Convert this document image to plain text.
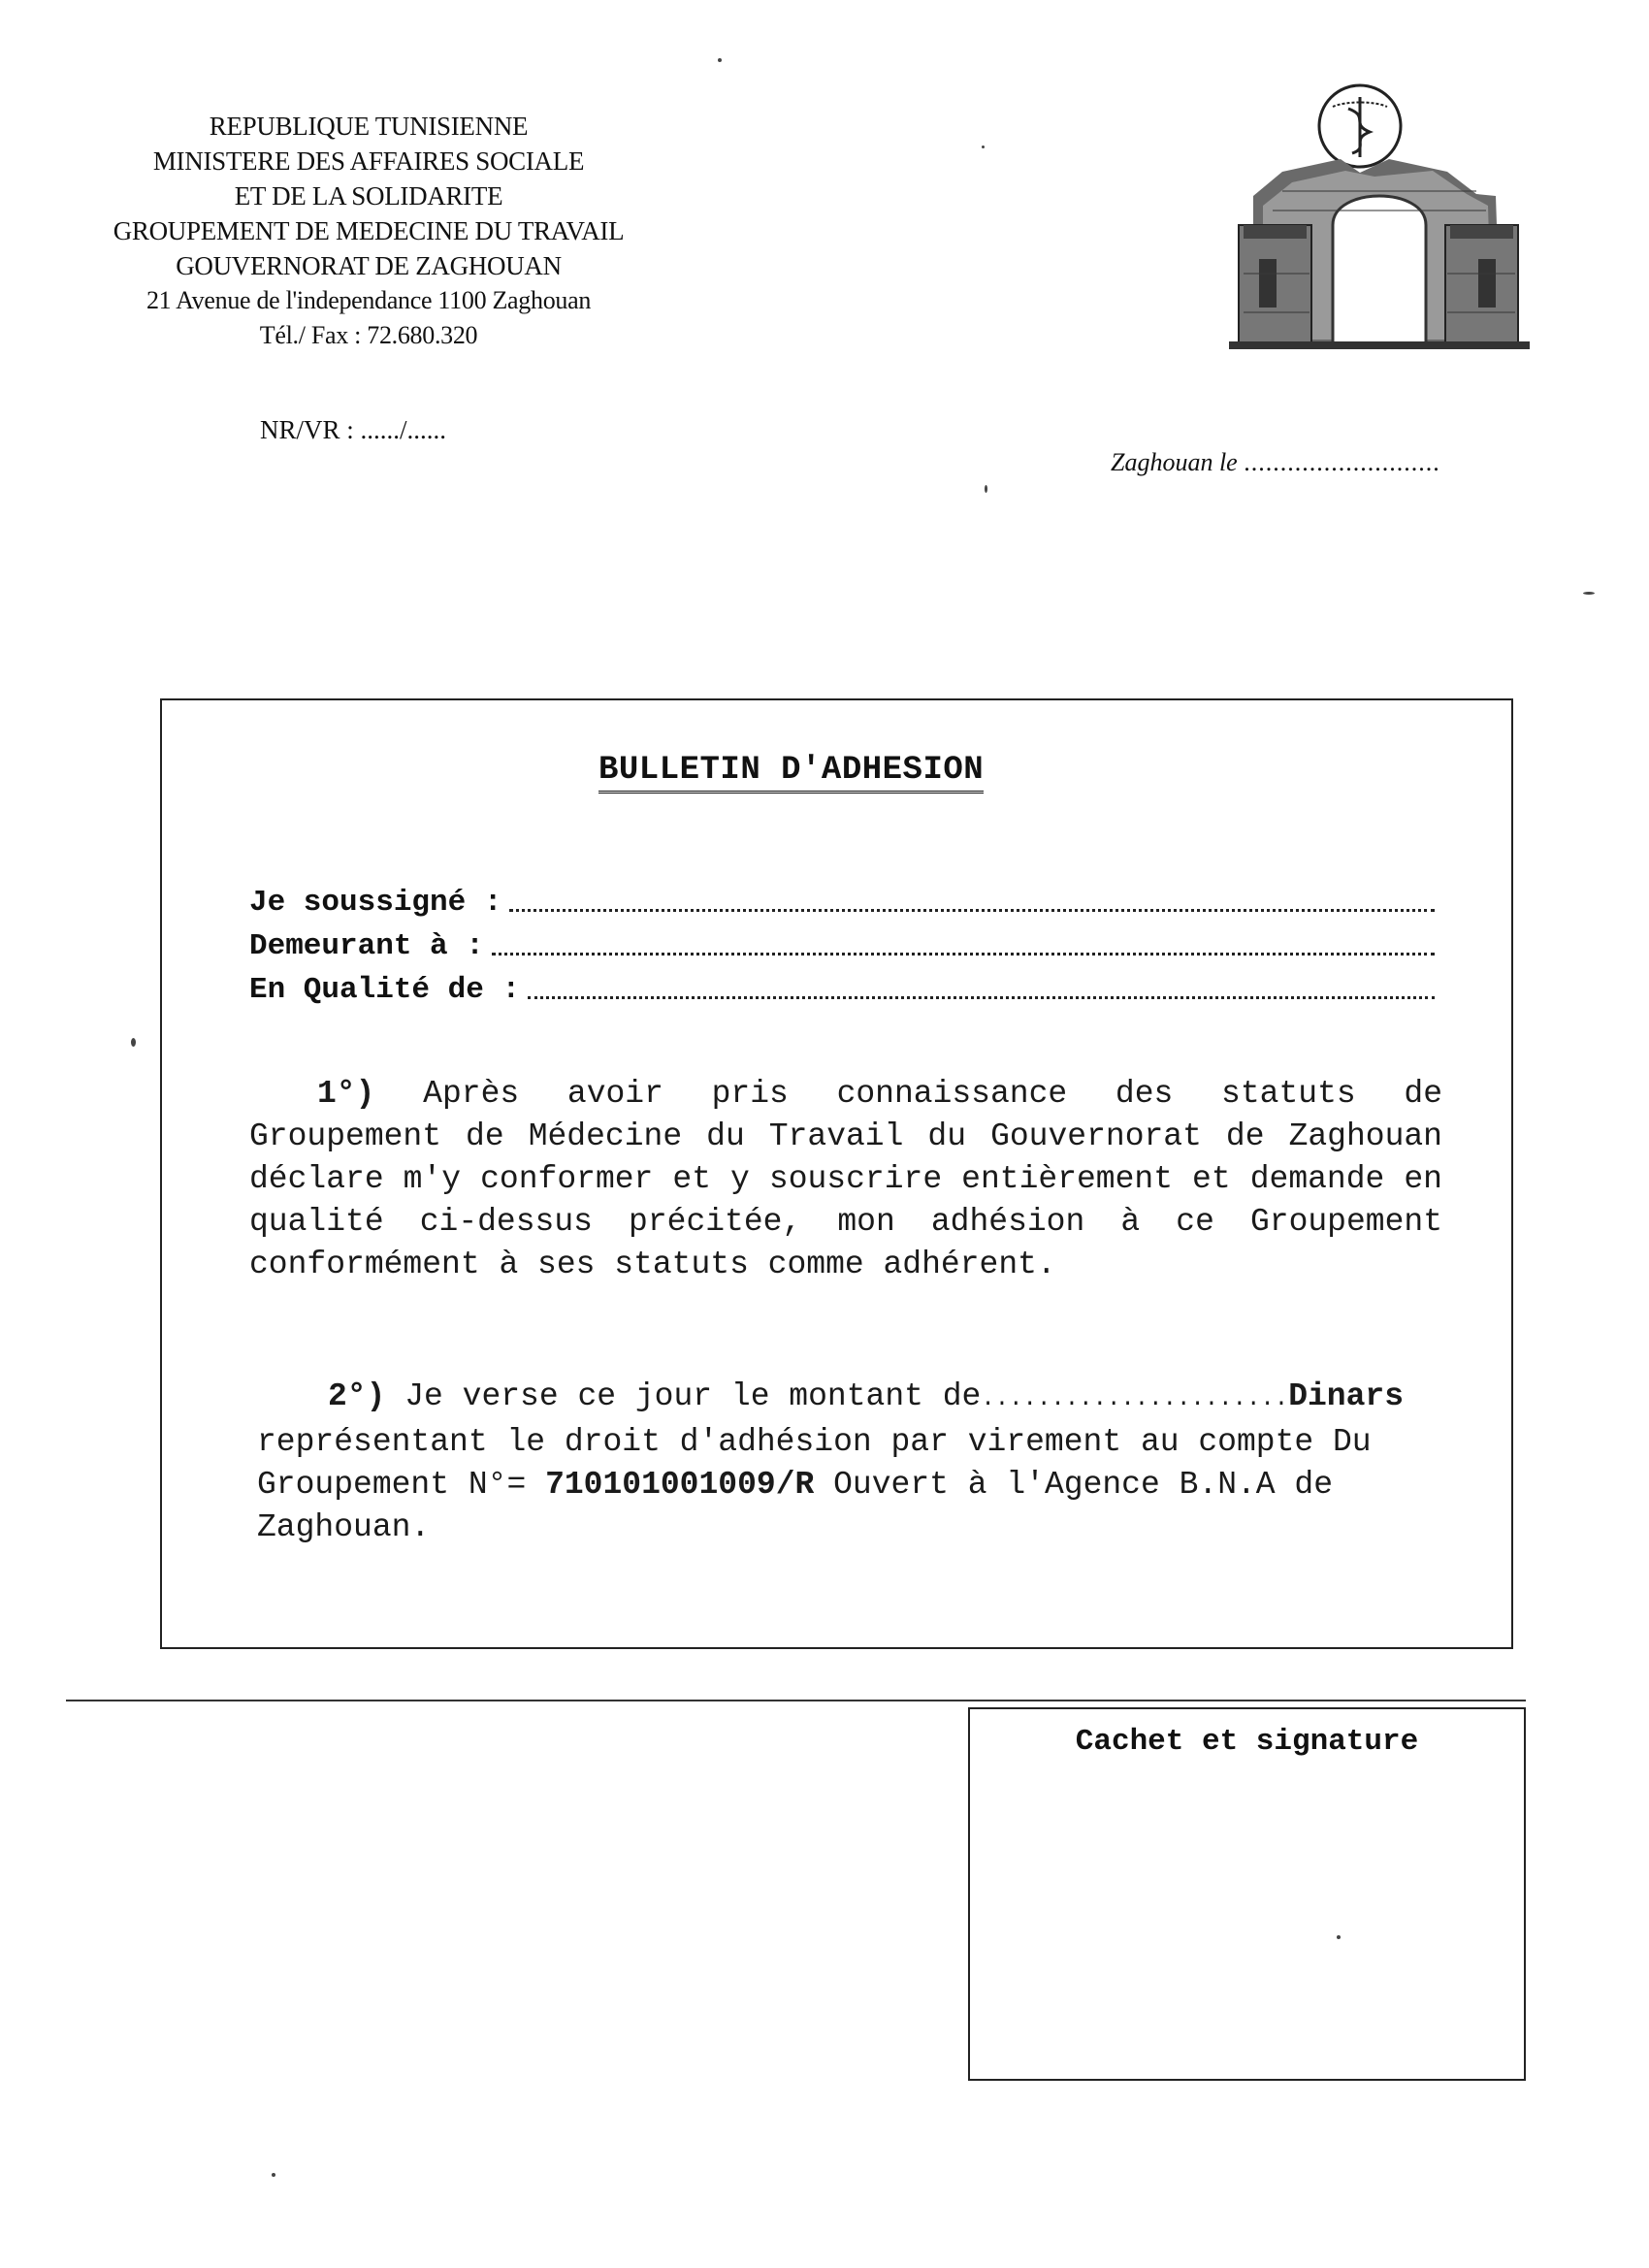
REPUBLIQUE TUNISIENNE
MINISTERE DES AFFAIRES SOCIALE
ET DE LA SOLIDARITE
GROUPEMENT DE MEDECINE DU TRAVAIL
GOUVERNORAT DE ZAGHOUAN
21 Avenue de l'independance 1100 Zaghouan
Tél./ Fax : 72.680.320
NR/VR : ....../......
Zaghouan le ...........................
BULLETIN D'ADHESION
Je soussigné :
Demeurant à :
En Qualité de :
1°) Après avoir pris connaissance des statuts de Groupement de Médecine du Travail du Gouvernorat de Zaghouan déclare m'y conformer et y souscrire entièrement et demande en qualité ci-dessus précitée, mon adhésion à ce Groupement conformément à ses statuts comme adhérent.
2°) Je verse ce jour le montant de......................Dinars représentant le droit d'adhésion par virement au compte Du Groupement N°= 710101001009/R Ouvert à l'Agence B.N.A de Zaghouan.
Cachet et signature
